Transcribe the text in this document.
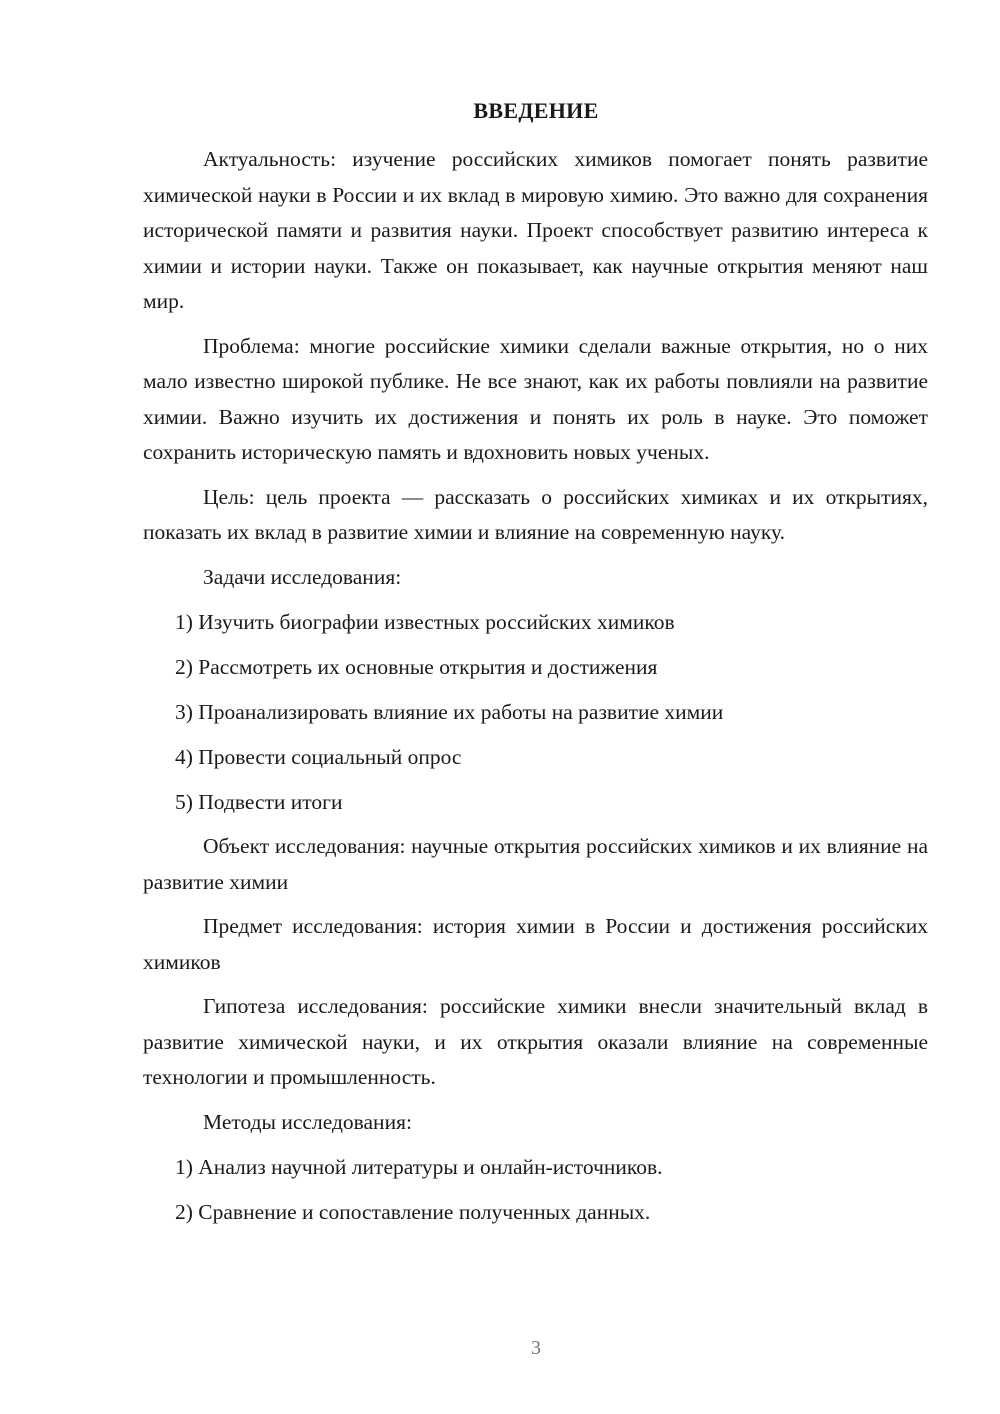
ВВЕДЕНИЕ

Актуальность: изучение российских химиков помогает понять развитие химической науки в России и их вклад в мировую химию. Это важно для сохранения исторической памяти и развития науки. Проект способствует развитию интереса к химии и истории науки. Также он показывает, как научные открытия меняют наш мир.

Проблема: многие российские химики сделали важные открытия, но о них мало известно широкой публике. Не все знают, как их работы повлияли на развитие химии. Важно изучить их достижения и понять их роль в науке. Это поможет сохранить историческую память и вдохновить новых ученых.

Цель: цель проекта — рассказать о российских химиках и их открытиях, показать их вклад в развитие химии и влияние на современную науку.

Задачи исследования:

1) Изучить биографии известных российских химиков
2) Рассмотреть их основные открытия и достижения
3) Проанализировать влияние их работы на развитие химии
4) Провести социальный опрос
5) Подвести итоги

Объект исследования: научные открытия российских химиков и их влияние на развитие химии

Предмет исследования: история химии в России и достижения российских химиков

Гипотеза исследования: российские химики внесли значительный вклад в развитие химической науки, и их открытия оказали влияние на современные технологии и промышленность.

Методы исследования:

1) Анализ научной литературы и онлайн-источников.
2) Сравнение и сопоставление полученных данных.
3
